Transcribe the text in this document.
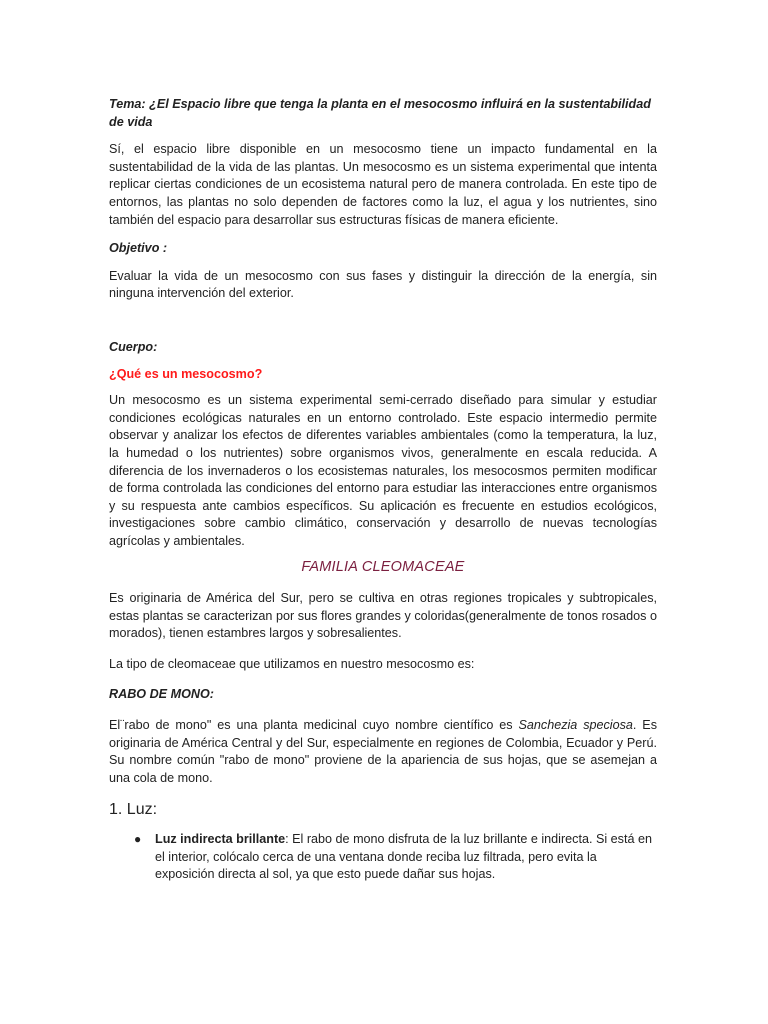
Tema: ¿El Espacio libre que tenga la planta en el mesocosmo influirá en la sustentabilidad de vida

Sí, el espacio libre disponible en un mesocosmo tiene un impacto fundamental en la sustentabilidad de la vida de las plantas. Un mesocosmo es un sistema experimental que intenta replicar ciertas condiciones de un ecosistema natural pero de manera controlada. En este tipo de entornos, las plantas no solo dependen de factores como la luz, el agua y los nutrientes, sino también del espacio para desarrollar sus estructuras físicas de manera eficiente.

Objetivo :

Evaluar la vida de un mesocosmo con sus fases y distinguir la dirección de la energía, sin ninguna intervención del exterior.

Cuerpo:

¿Qué es un mesocosmo?

Un mesocosmo es un sistema experimental semi-cerrado diseñado para simular y estudiar condiciones ecológicas naturales en un entorno controlado. Este espacio intermedio permite observar y analizar los efectos de diferentes variables ambientales (como la temperatura, la luz, la humedad o los nutrientes) sobre organismos vivos, generalmente en escala reducida. A diferencia de los invernaderos o los ecosistemas naturales, los mesocosmos permiten modificar de forma controlada las condiciones del entorno para estudiar las interacciones entre organismos y su respuesta ante cambios específicos. Su aplicación es frecuente en estudios ecológicos, investigaciones sobre cambio climático, conservación y desarrollo de nuevas tecnologías agrícolas y ambientales.

FAMILIA CLEOMACEAE

Es originaria de América del Sur, pero se cultiva en otras regiones tropicales y subtropicales, estas plantas se caracterizan por sus flores grandes y coloridas(generalmente de tonos rosados o morados), tienen estambres largos y sobresalientes.

La tipo de cleomaceae que utilizamos en nuestro mesocosmo es:

RABO DE MONO:

El¨rabo de mono" es una planta medicinal cuyo nombre científico es Sanchezia speciosa. Es originaria de América Central y del Sur, especialmente en regiones de Colombia, Ecuador y Perú. Su nombre común "rabo de mono" proviene de la apariencia de sus hojas, que se asemejan a una cola de mono.

1. Luz:

● Luz indirecta brillante: El rabo de mono disfruta de la luz brillante e indirecta. Si está en el interior, colócalo cerca de una ventana donde reciba luz filtrada, pero evita la exposición directa al sol, ya que esto puede dañar sus hojas.
